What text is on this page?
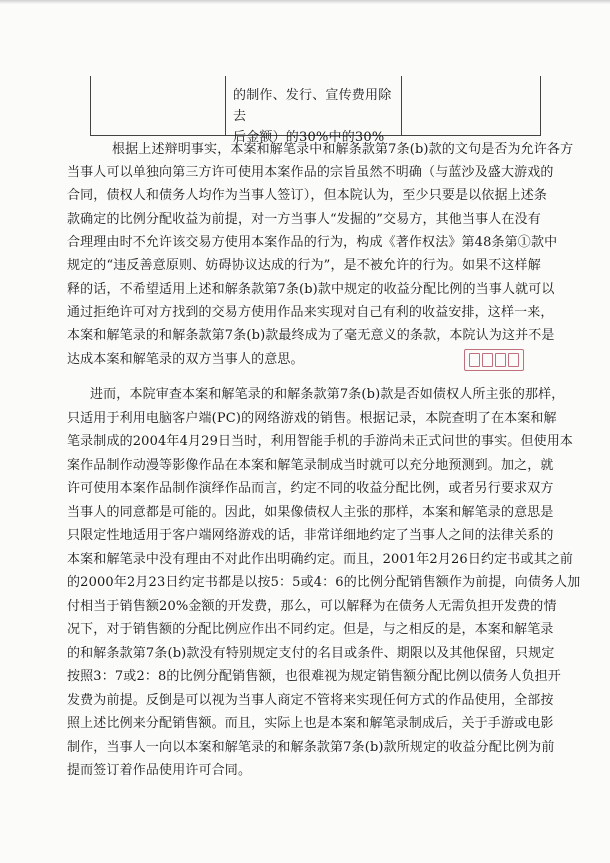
的制作、发行、宣传费用除去
后金额）的30%中的30%
根据上述辩明事实，本案和解笔录中和解条款第7条(b)款的文句是否为允许各方
当事人可以单独向第三方许可使用本案作品的宗旨虽然不明确（与蓝沙及盛大游戏的
合同，债权人和债务人均作为当事人签订），但本院认为，至少只要是以依据上述条
款确定的比例分配收益为前提，对一方当事人“发掘的”交易方，其他当事人在没有
合理理由时不允许该交易方使用本案作品的行为，构成《著作权法》第48条第①款中
规定的“违反善意原则、妨碍协议达成的行为”，是不被允许的行为。如果不这样解
释的话，不希望适用上述和解条款第7条(b)款中规定的收益分配比例的当事人就可以
通过拒绝许可对方找到的交易方使用作品来实现对自己有利的收益安排，这样一来，
本案和解笔录的和解条款第7条(b)款最终成为了毫无意义的条款，本院认为这并不是
达成本案和解笔录的双方当事人的意思。
进而，本院审查本案和解笔录的和解条款第7条(b)款是否如债权人所主张的那样，
只适用于利用电脑客户端(PC)的网络游戏的销售。根据记录，本院查明了在本案和解
笔录制成的2004年4月29日当时，利用智能手机的手游尚未正式问世的事实。但使用本
案作品制作动漫等影像作品在本案和解笔录制成当时就可以充分地预测到。加之，就
许可使用本案作品制作演绎作品而言，约定不同的收益分配比例，或者另行要求双方
当事人的同意都是可能的。因此，如果像债权人主张的那样，本案和解笔录的意思是
只限定性地适用于客户端网络游戏的话，非常详细地约定了当事人之间的法律关系的
本案和解笔录中没有理由不对此作出明确约定。而且，2001年2月26日约定书或其之前
的2000年2月23日约定书都是以按5：5或4：6的比例分配销售额作为前提，向债务人加
付相当于销售额20%金额的开发费，那么，可以解释为在债务人无需负担开发费的情
况下，对于销售额的分配比例应作出不同约定。但是，与之相反的是，本案和解笔录
的和解条款第7条(b)款没有特别规定支付的名目或条件、期限以及其他保留，只规定
按照3：7或2：8的比例分配销售额，也很难视为规定销售额分配比例以债务人负担开
发费为前提。反倒是可以视为当事人商定不管将来实现任何方式的作品使用，全部按
照上述比例来分配销售额。而且，实际上也是本案和解笔录制成后，关于手游或电影
制作，当事人一向以本案和解笔录的和解条款第7条(b)款所规定的收益分配比例为前
提而签订着作品使用许可合同。
